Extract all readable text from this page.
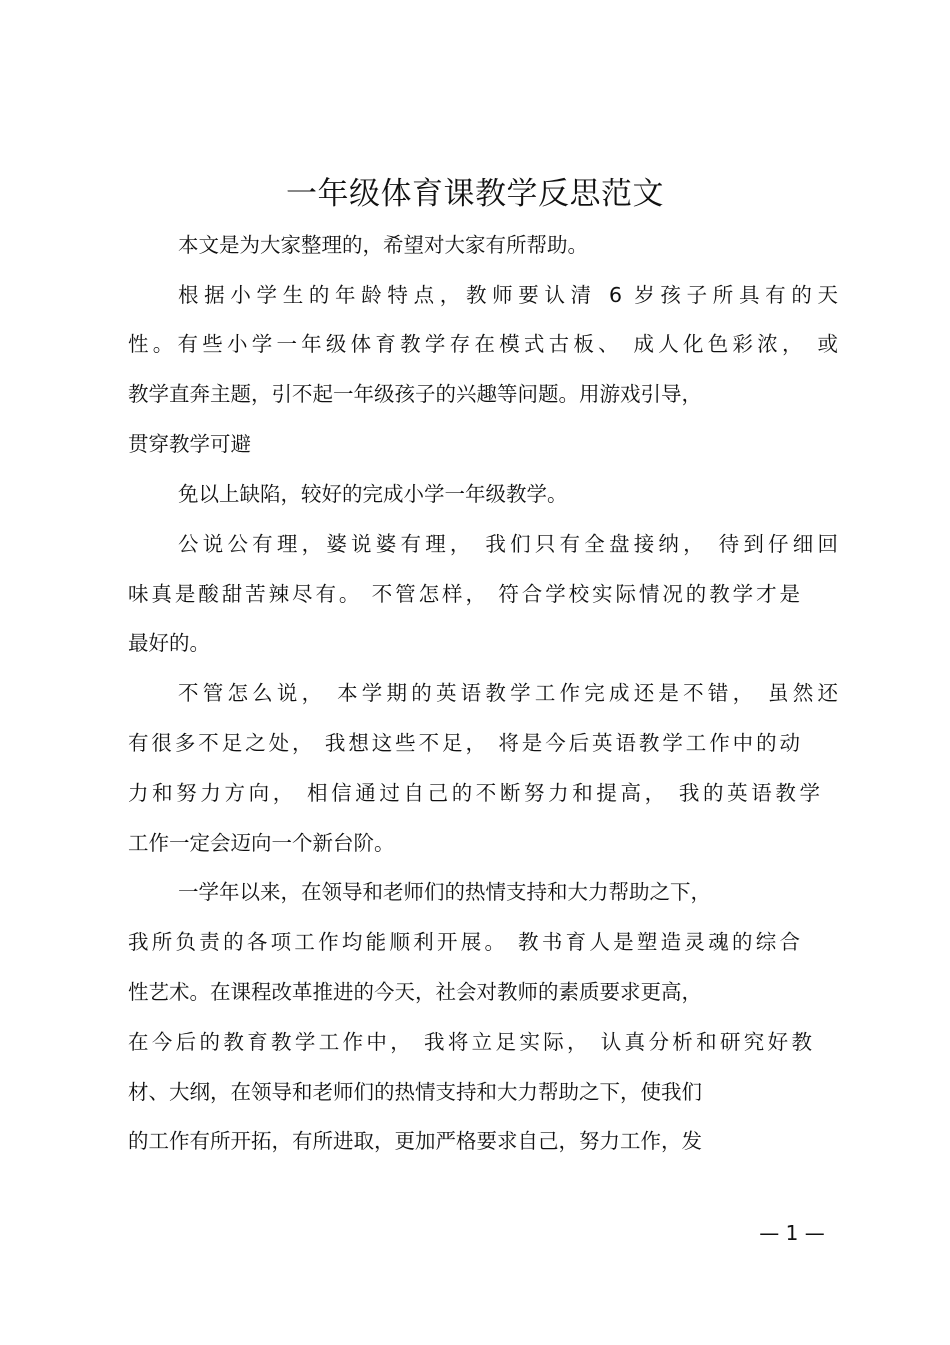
一年级体育课教学反思范文
本文是为大家整理的，希望对大家有所帮助。
根据小学生的年龄特点，教师要认清 6 岁孩子所具有的天
性。有些小学一年级体育教学存在模式古板、 成人化色彩浓， 或
教学直奔主题，引不起一年级孩子的兴趣等问题。用游戏引导，
贯穿教学可避
免以上缺陷，较好的完成小学一年级教学。
公说公有理，婆说婆有理， 我们只有全盘接纳， 待到仔细回
味真是酸甜苦辣尽有。 不管怎样， 符合学校实际情况的教学才是
最好的。
不管怎么说， 本学期的英语教学工作完成还是不错， 虽然还
有很多不足之处， 我想这些不足， 将是今后英语教学工作中的动
力和努力方向， 相信通过自己的不断努力和提高， 我的英语教学
工作一定会迈向一个新台阶。
一学年以来，在领导和老师们的热情支持和大力帮助之下，
我所负责的各项工作均能顺利开展。 教书育人是塑造灵魂的综合
性艺术。在课程改革推进的今天，社会对教师的素质要求更高，
在今后的教育教学工作中， 我将立足实际， 认真分析和研究好教
材、大纲，在领导和老师们的热情支持和大力帮助之下，使我们
的工作有所开拓，有所进取，更加严格要求自己，努力工作，发
— 1 —
